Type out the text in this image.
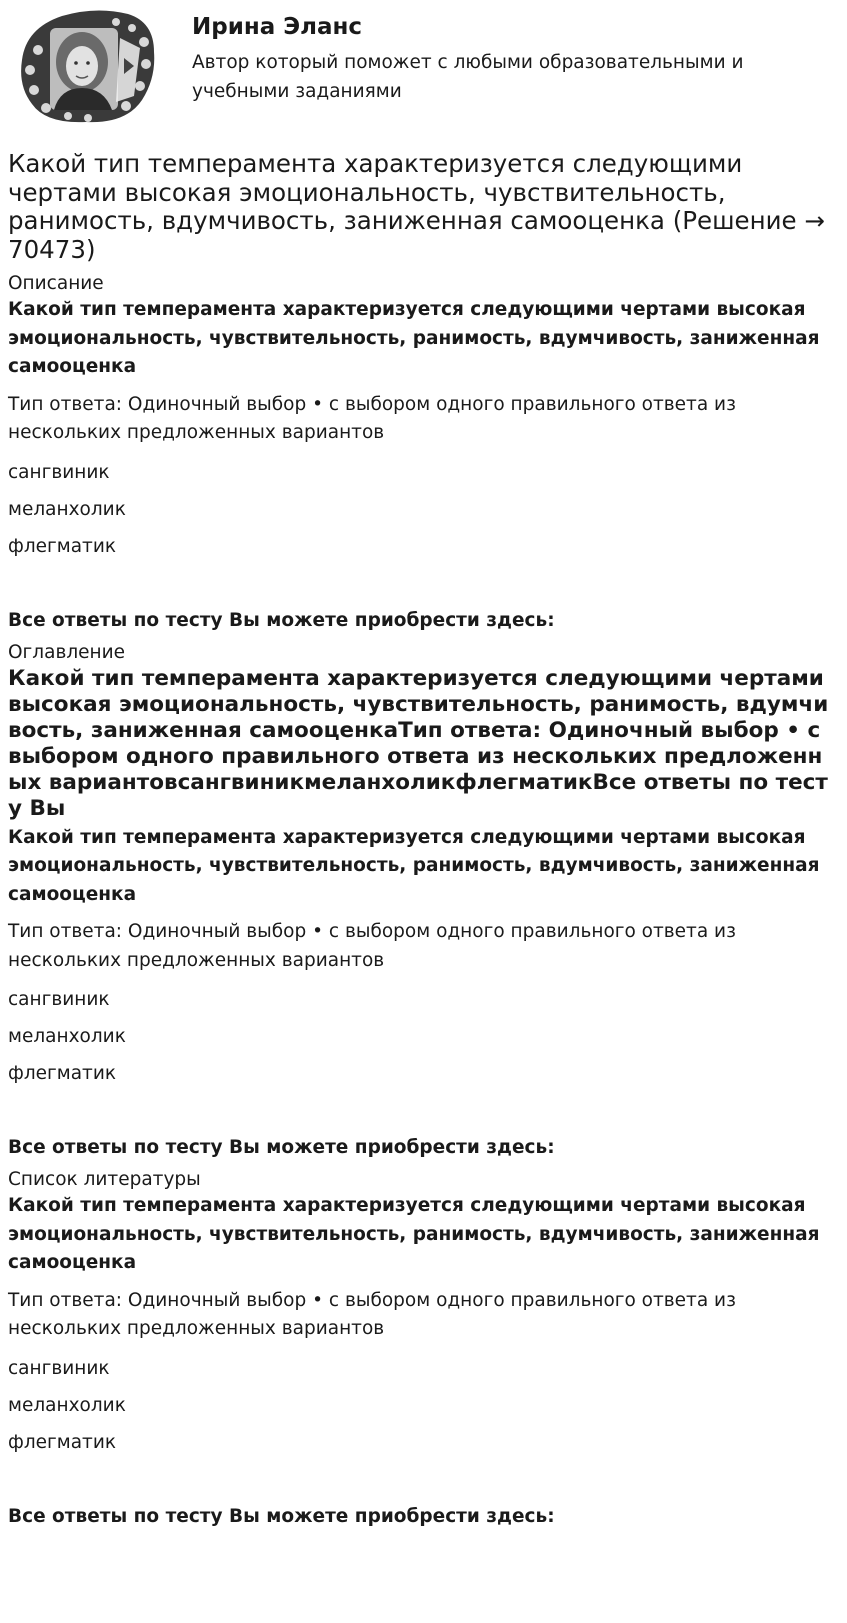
Ирина Эланс

Автор который поможет с любыми образовательными и учебными заданиями

Какой тип темперамента характеризуется следующими чертами высокая эмоциональность, чувствительность, ранимость, вдумчивость, заниженная самооценка (Решение → 70473)

Описание

Какой тип темперамента характеризуется следующими чертами высокая эмоциональность, чувствительность, ранимость, вдумчивость, заниженная самооценка

Тип ответа: Одиночный выбор • с выбором одного правильного ответа из нескольких предложенных вариантов

сангвиник
меланхолик
флегматик

Все ответы по тесту Вы можете приобрести здесь:

Оглавление

Какой тип темперамента характеризуется следующими чертами высокая эмоциональность, чувствительность, ранимость, вдумчивость, заниженная самооценкаТип ответа: Одиночный выбор • с выбором одного правильного ответа из нескольких предложенных вариантовсангвиникмеланхоликфлегматикВсе ответы по тесту Вы

Какой тип темперамента характеризуется следующими чертами высокая эмоциональность, чувствительность, ранимость, вдумчивость, заниженная самооценка

Тип ответа: Одиночный выбор • с выбором одного правильного ответа из нескольких предложенных вариантов

сангвиник
меланхолик
флегматик

Все ответы по тесту Вы можете приобрести здесь:

Список литературы

Какой тип темперамента характеризуется следующими чертами высокая эмоциональность, чувствительность, ранимость, вдумчивость, заниженная самооценка

Тип ответа: Одиночный выбор • с выбором одного правильного ответа из нескольких предложенных вариантов

сангвиник
меланхолик
флегматик

Все ответы по тесту Вы можете приобрести здесь:
